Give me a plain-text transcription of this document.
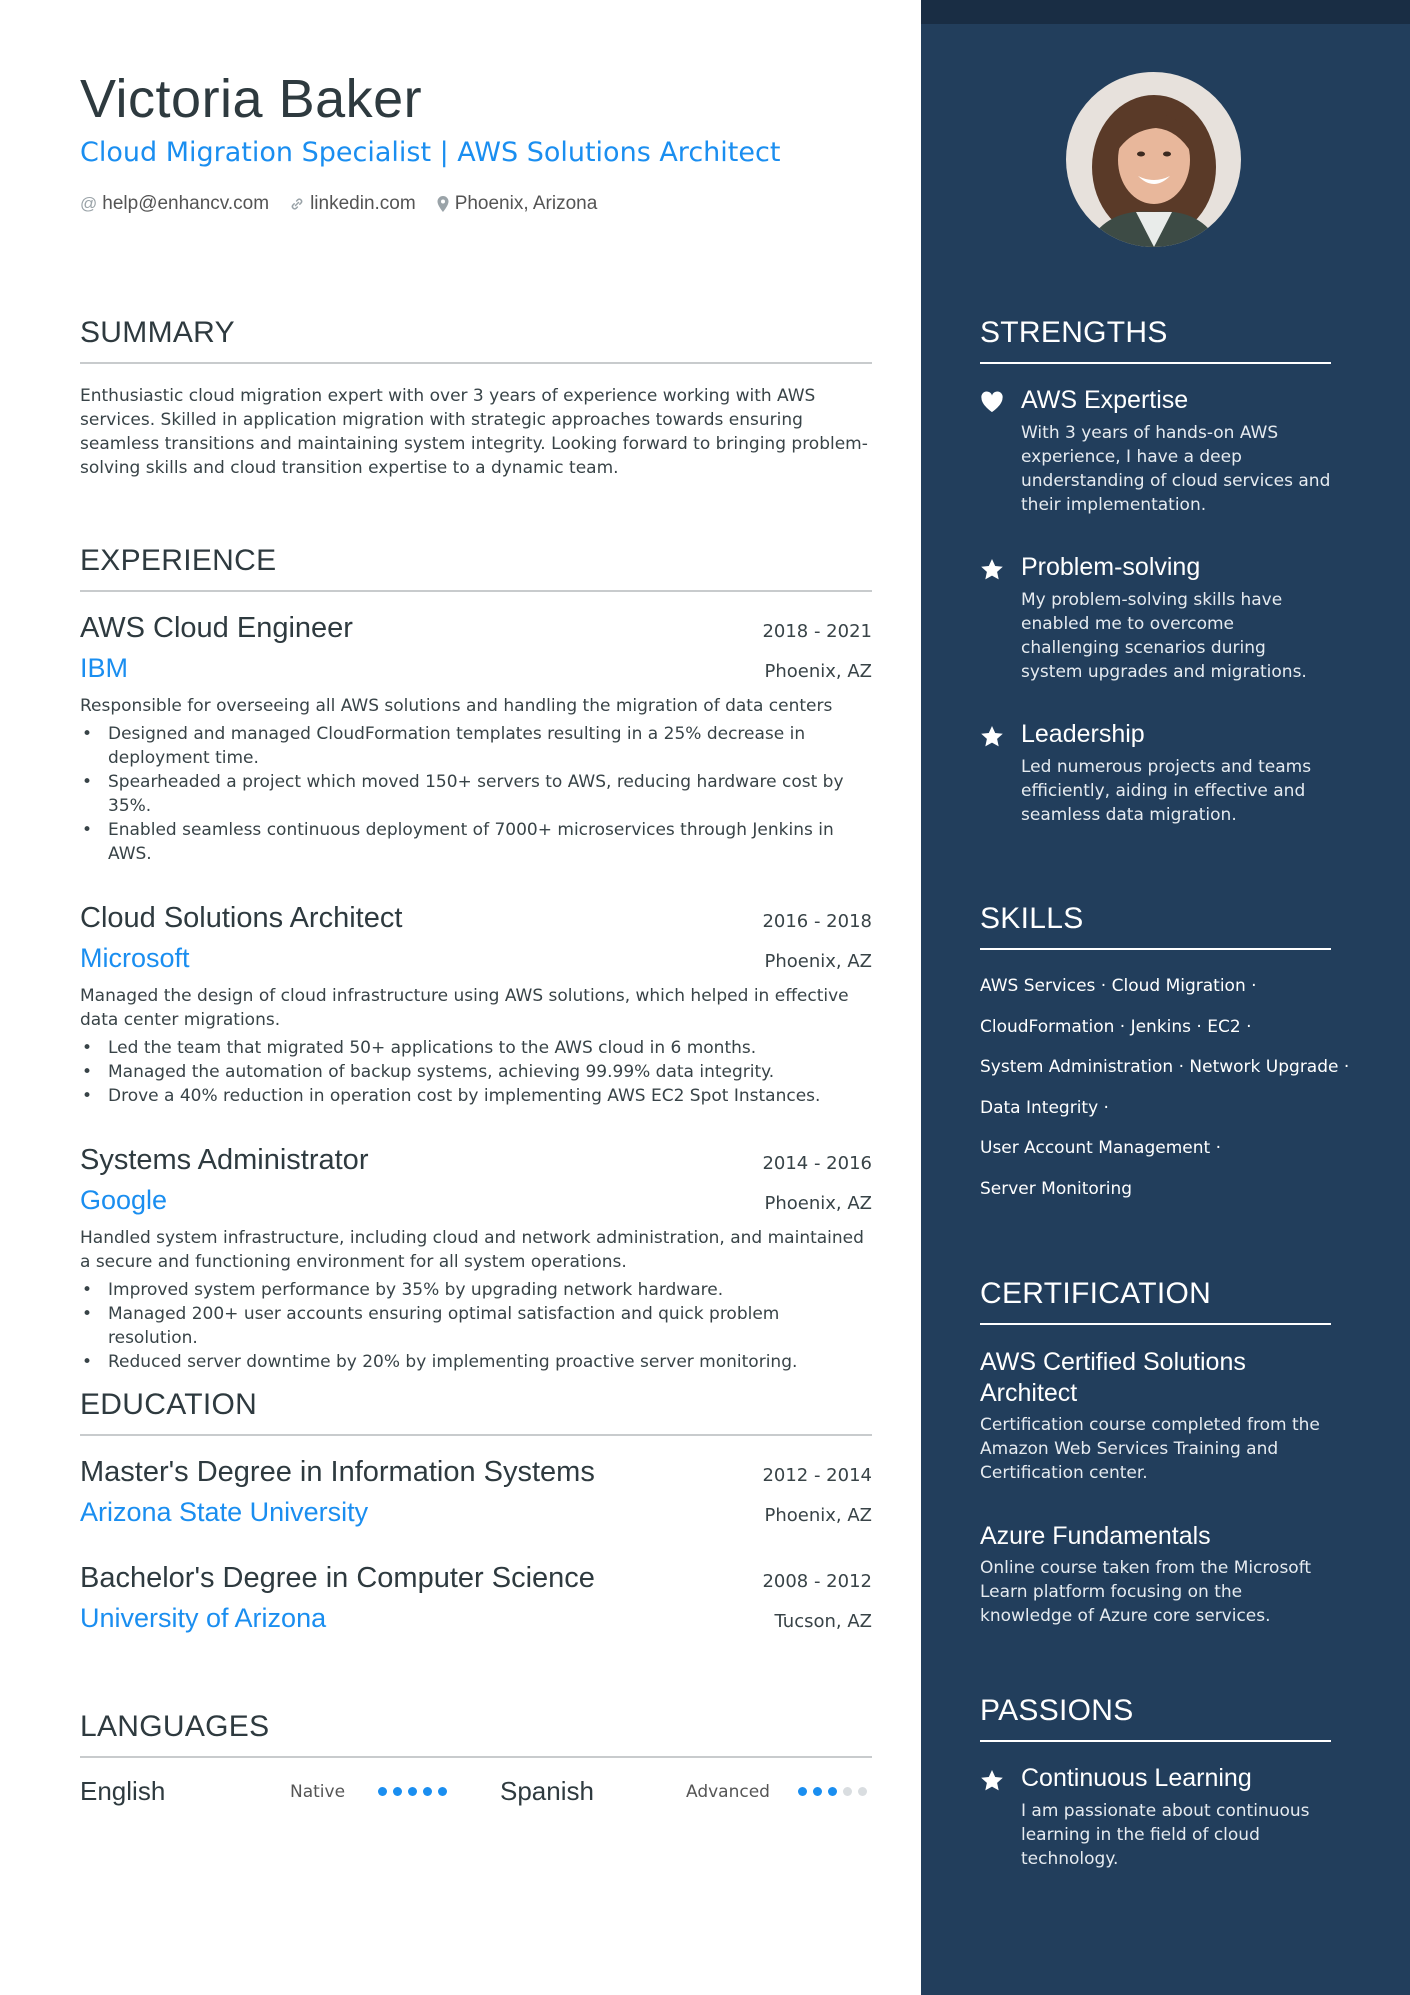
Victoria Baker
Cloud Migration Specialist | AWS Solutions Architect
@ help@enhancv.com linkedin.com Phoenix, Arizona
SUMMARY

Enthusiastic cloud migration expert with over 3 years of experience working with AWS services. Skilled in application migration with strategic approaches towards ensuring seamless transitions and maintaining system integrity. Looking forward to bringing problem-solving skills and cloud transition expertise to a dynamic team.

EXPERIENCE
AWS Cloud Engineer	2018 - 2021
IBM	Phoenix, AZ

Responsible for overseeing all AWS solutions and handling the migration of data centers

• Designed and managed CloudFormation templates resulting in a 25% decrease in deployment time.
• Spearheaded a project which moved 150+ servers to AWS, reducing hardware cost by 35%.
• Enabled seamless continuous deployment of 7000+ microservices through Jenkins in AWS.
Cloud Solutions Architect	2016 - 2018
Microsoft	Phoenix, AZ

Managed the design of cloud infrastructure using AWS solutions, which helped in effective data center migrations.

• Led the team that migrated 50+ applications to the AWS cloud in 6 months.
• Managed the automation of backup systems, achieving 99.99% data integrity.
• Drove a 40% reduction in operation cost by implementing AWS EC2 Spot Instances.
Systems Administrator	2014 - 2016
Google	Phoenix, AZ

Handled system infrastructure, including cloud and network administration, and maintained a secure and functioning environment for all system operations.

• Improved system performance by 35% by upgrading network hardware.
• Managed 200+ user accounts ensuring optimal satisfaction and quick problem resolution.
• Reduced server downtime by 20% by implementing proactive server monitoring.
EDUCATION
Master's Degree in Information Systems	2012 - 2014
Arizona State University	Phoenix, AZ
Bachelor's Degree in Computer Science	2008 - 2012
University of Arizona	Tucson, AZ
LANGUAGES
English	Native	Spanish	Advanced
STRENGTHS
AWS Expertise
With 3 years of hands-on AWS experience, I have a deep understanding of cloud services and their implementation.
Problem-solving
My problem-solving skills have enabled me to overcome challenging scenarios during system upgrades and migrations.
Leadership
Led numerous projects and teams efficiently, aiding in effective and seamless data migration.
SKILLS
AWS Services · Cloud Migration ·
CloudFormation · Jenkins · EC2 ·
System Administration · Network Upgrade ·
Data Integrity ·
User Account Management ·
Server Monitoring
CERTIFICATION
AWS Certified Solutions Architect
Certification course completed from the Amazon Web Services Training and Certification center.
Azure Fundamentals
Online course taken from the Microsoft Learn platform focusing on the knowledge of Azure core services.
PASSIONS
Continuous Learning
I am passionate about continuous learning in the field of cloud technology.
